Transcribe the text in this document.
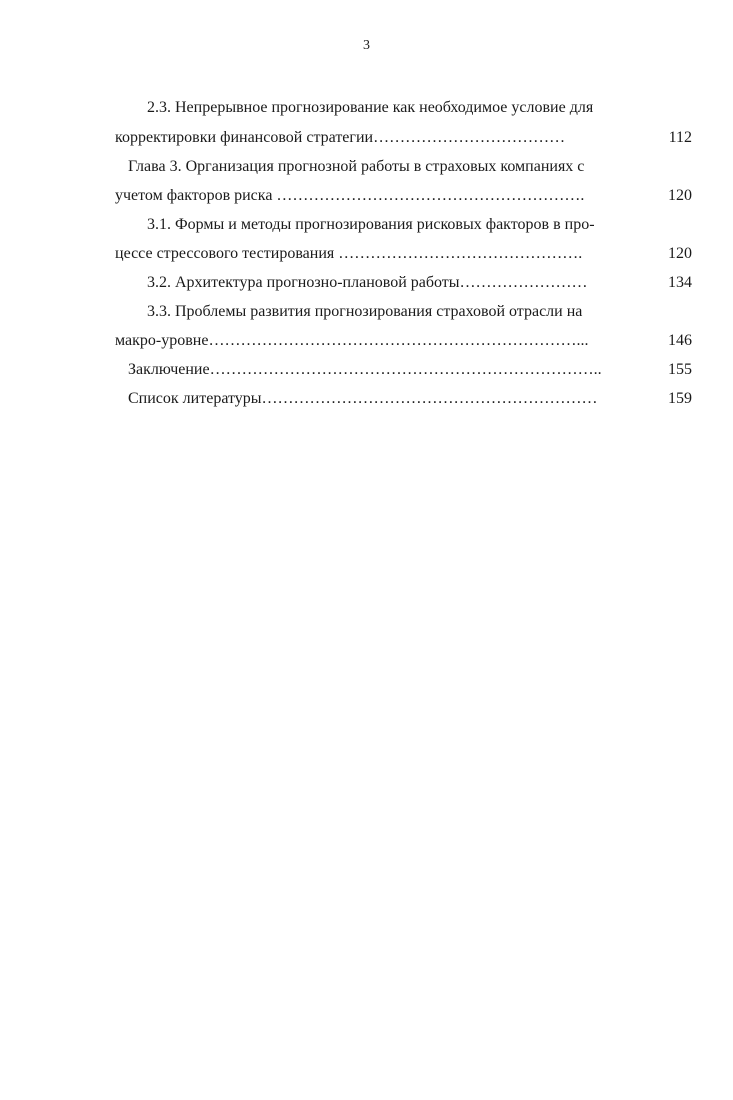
3
2.3. Непрерывное прогнозирование как необходимое условие для
корректировки финансовой стратегии………………………………	112
Глава 3. Организация прогнозной работы в страховых компаниях с
учетом факторов риска ………………………………………………….	120
3.1. Формы и методы прогнозирования рисковых факторов в про-
цессе стрессового тестирования ……………………………………….	120
3.2. Архитектура прогнозно-плановой работы……………………	134
3.3. Проблемы развития прогнозирования страховой отрасли на
макро-уровне……………………………………………………………...	146
Заключение………………………………………………………………..	155
Список литературы………………………………………………………	159
